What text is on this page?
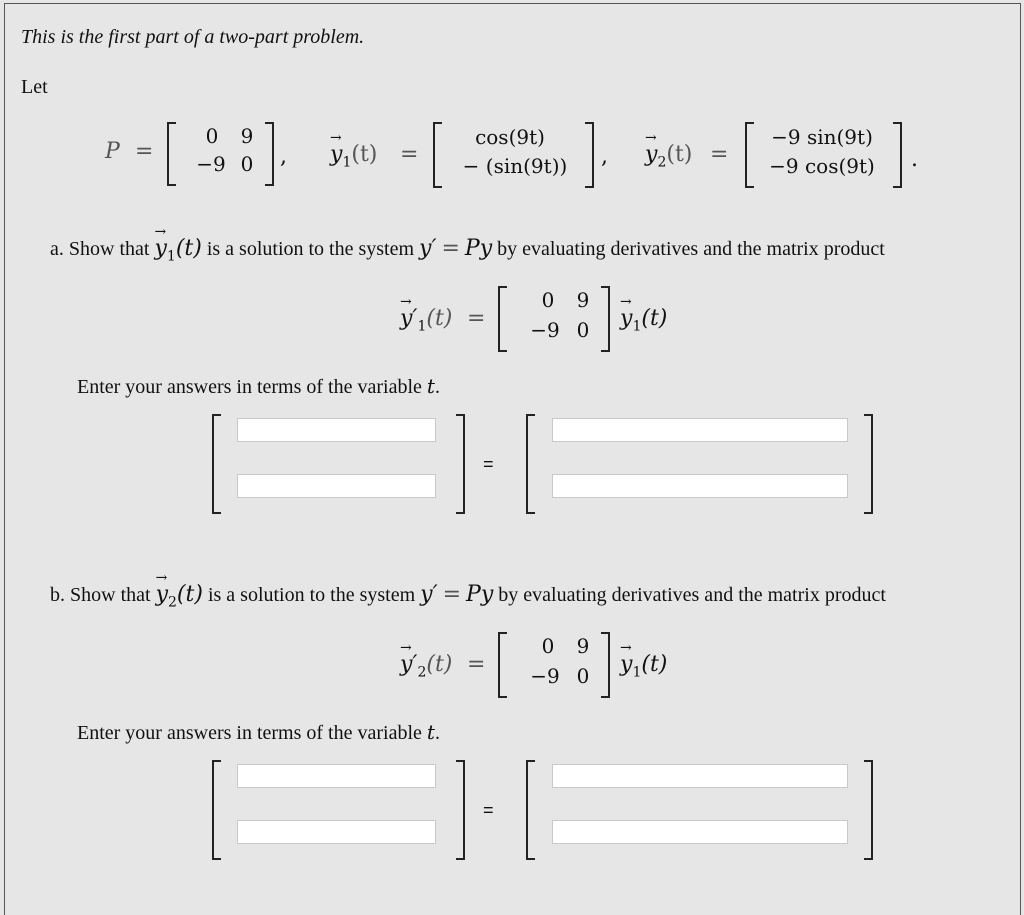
This is the first part of a two-part problem.
Let
P =
0	9
−9 0	, → $y_1(t)$ =
cos(9t)
− (sin(9t))	, → $y_2(t)$ =
−9 sin(9t)
−9 cos(9t)	.
a. Show that → $y_1(t)$ is a solution to the system y′ = Py by evaluating derivatives and the matrix product
→ $y'_1(t)$ =
0	9
−9 0	→ $y_1(t)$
Enter your answers in terms of the variable t.
=
b. Show that → $y_2(t)$ is a solution to the system y′ = Py by evaluating derivatives and the matrix product
→ $y'_2(t)$ =
0	9
−9 0	→ $y_1(t)$
Enter your answers in terms of the variable t.
=
